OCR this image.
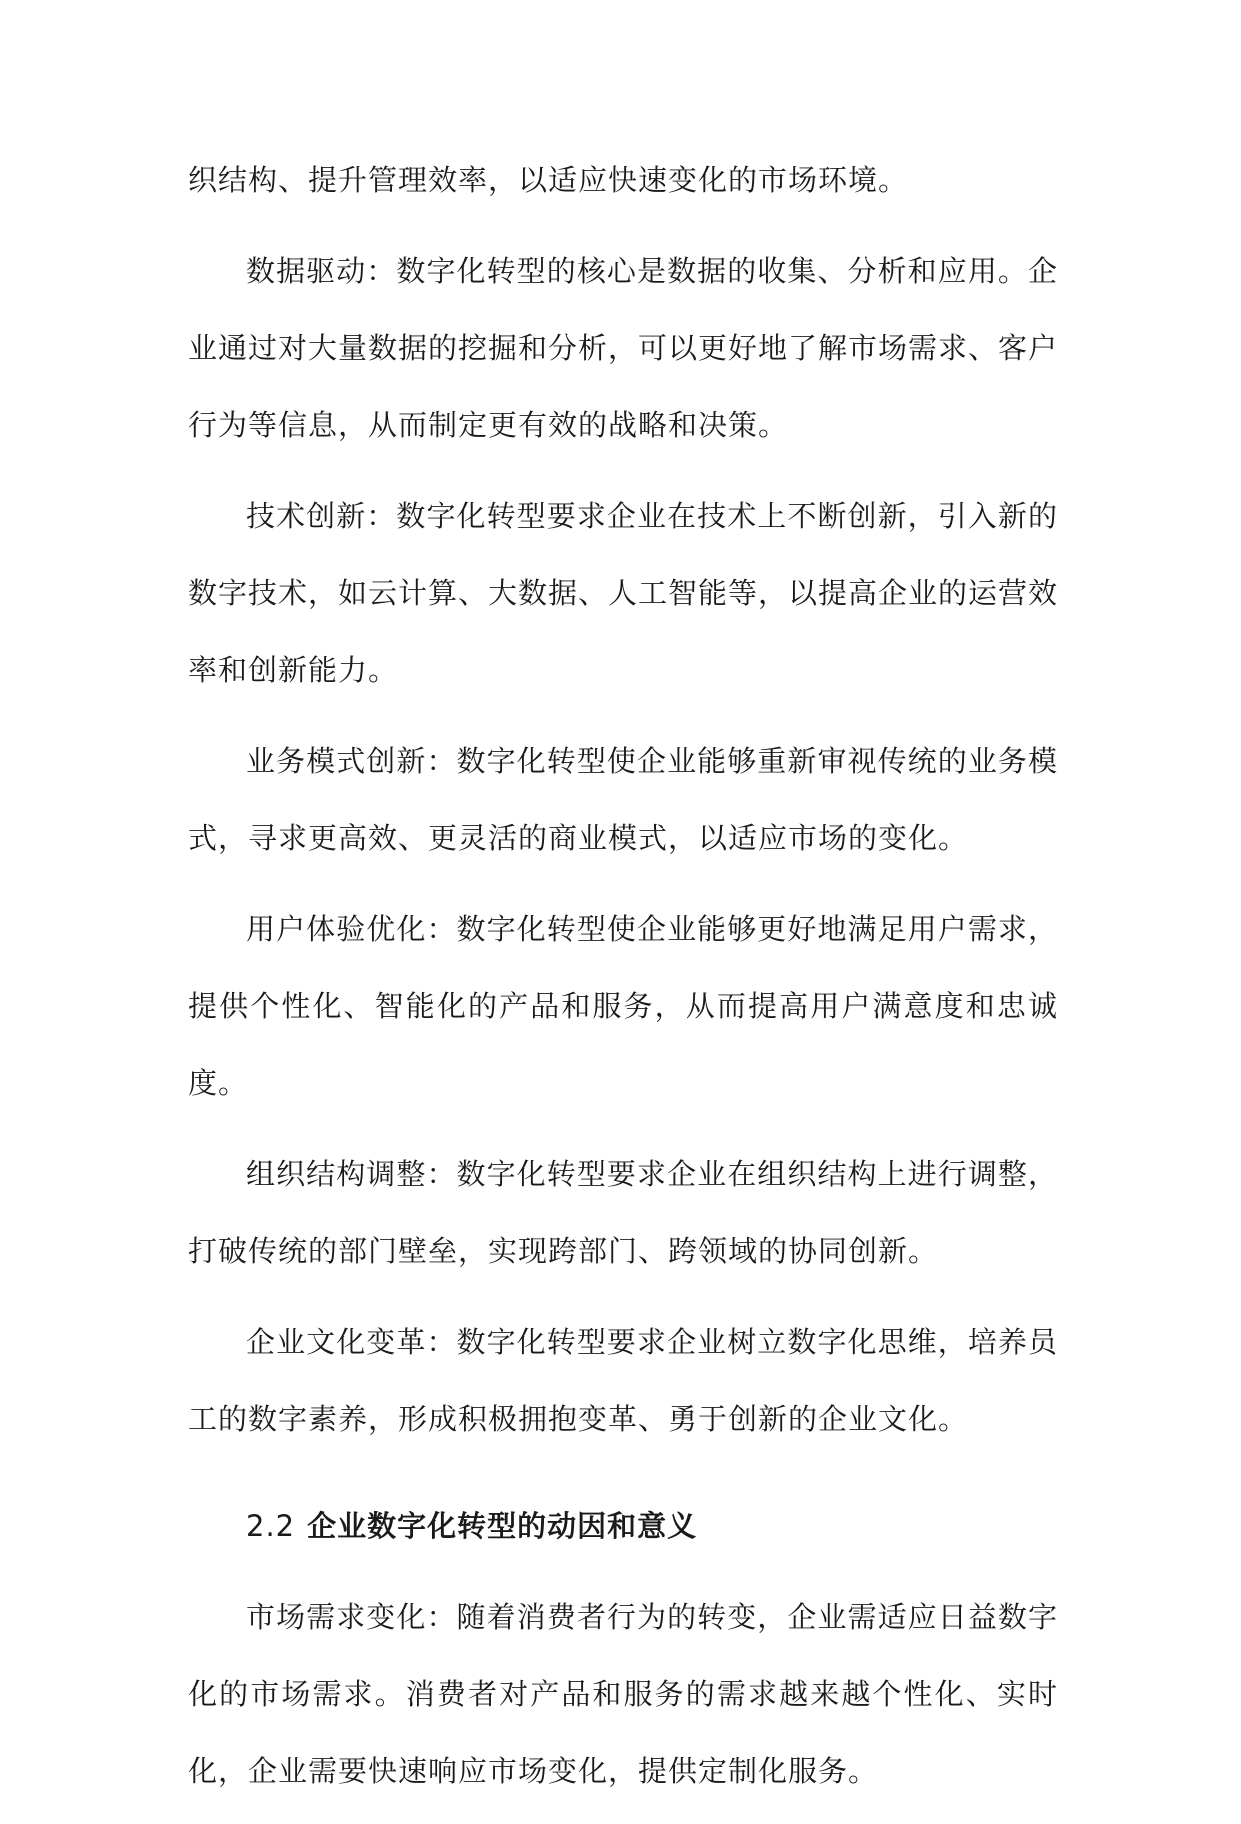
织结构、提升管理效率，以适应快速变化的市场环境。

数据驱动：数字化转型的核心是数据的收集、分析和应用。企业通过对大量数据的挖掘和分析，可以更好地了解市场需求、客户行为等信息，从而制定更有效的战略和决策。

技术创新：数字化转型要求企业在技术上不断创新，引入新的数字技术，如云计算、大数据、人工智能等，以提高企业的运营效率和创新能力。

业务模式创新：数字化转型使企业能够重新审视传统的业务模式，寻求更高效、更灵活的商业模式，以适应市场的变化。

用户体验优化：数字化转型使企业能够更好地满足用户需求，提供个性化、智能化的产品和服务，从而提高用户满意度和忠诚度。

组织结构调整：数字化转型要求企业在组织结构上进行调整，打破传统的部门壁垒，实现跨部门、跨领域的协同创新。

企业文化变革：数字化转型要求企业树立数字化思维，培养员工的数字素养，形成积极拥抱变革、勇于创新的企业文化。

2.2 企业数字化转型的动因和意义

市场需求变化：随着消费者行为的转变，企业需适应日益数字化的市场需求。消费者对产品和服务的需求越来越个性化、实时化，企业需要快速响应市场变化，提供定制化服务。
